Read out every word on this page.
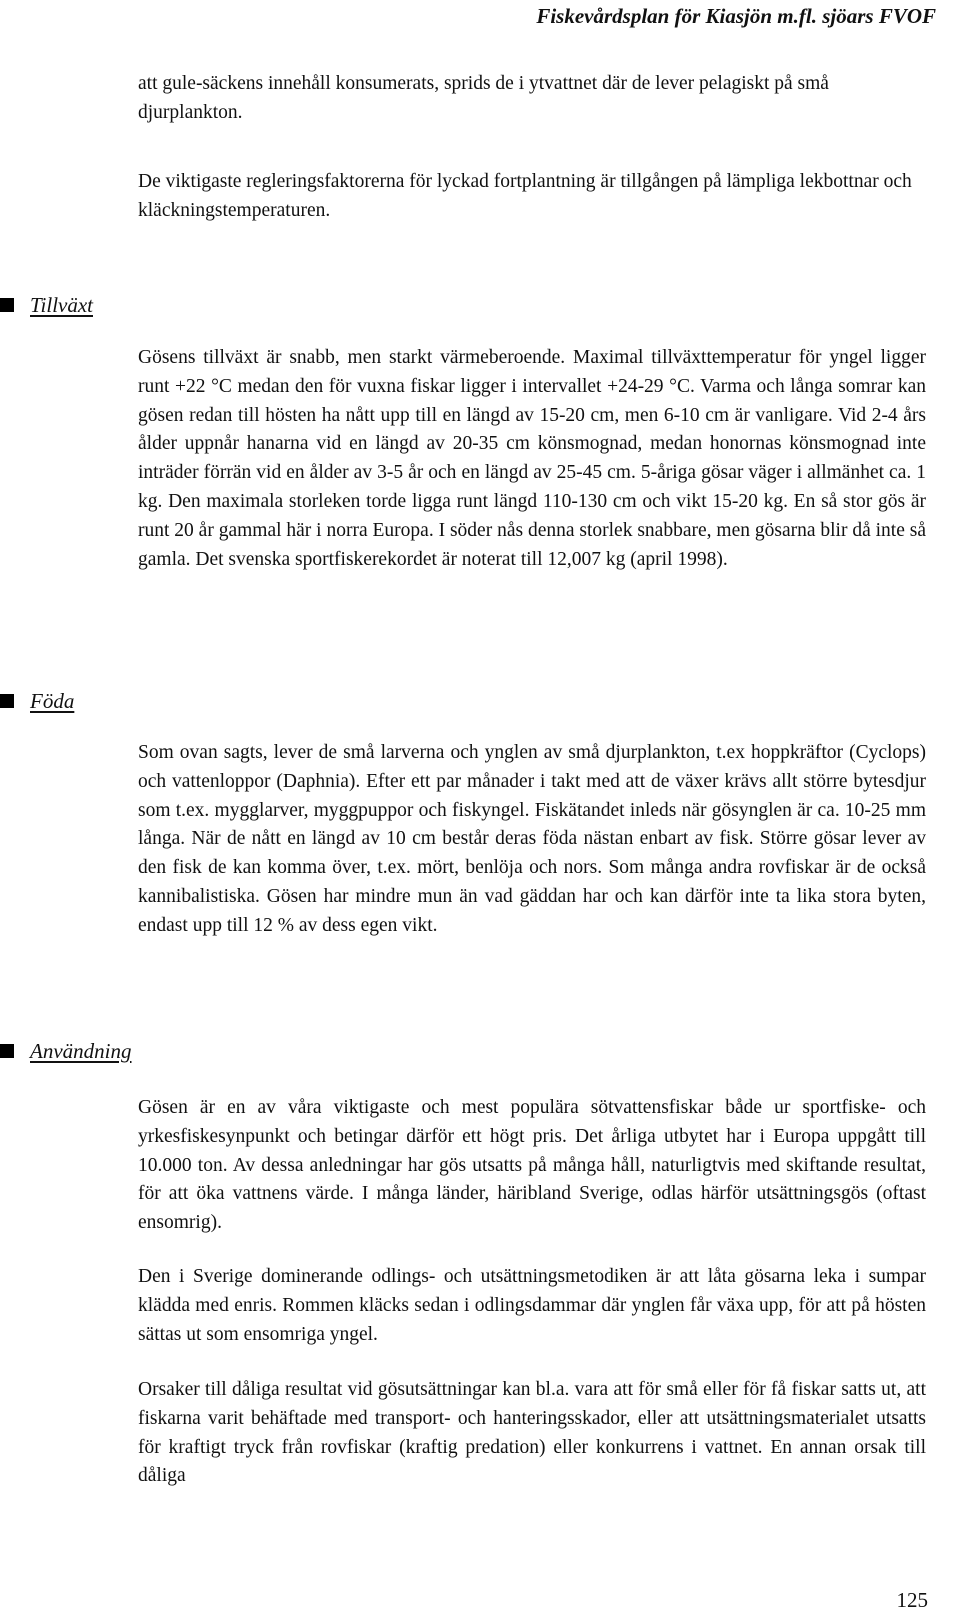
Fiskevårdsplan för Kiasjön m.fl. sjöars FVOF

att gule-säckens innehåll konsumerats, sprids de i ytvattnet där de lever pelagiskt på små djurplankton.

De viktigaste regleringsfaktorerna för lyckad fortplantning är tillgången på lämpliga lekbottnar och kläckningstemperaturen.

Tillväxt

Gösens tillväxt är snabb, men starkt värmeberoende. Maximal tillväxttemperatur för yngel ligger runt +22 °C medan den för vuxna fiskar ligger i intervallet +24-29 °C. Varma och långa somrar kan gösen redan till hösten ha nått upp till en längd av 15-20 cm, men 6-10 cm är vanligare. Vid 2-4 års ålder uppnår hanarna vid en längd av 20-35 cm könsmognad, medan honornas könsmognad inte inträder förrän vid en ålder av 3-5 år och en längd av 25-45 cm. 5-åriga gösar väger i allmänhet ca. 1 kg. Den maximala storleken torde ligga runt längd 110-130 cm och vikt 15-20 kg. En så stor gös är runt 20 år gammal här i norra Europa. I söder nås denna storlek snabbare, men gösarna blir då inte så gamla. Det svenska sportfiskerekordet är noterat till 12,007 kg (april 1998).

Föda

Som ovan sagts, lever de små larverna och ynglen av små djurplankton, t.ex hoppkräftor (Cyclops) och vattenloppor (Daphnia). Efter ett par månader i takt med att de växer krävs allt större bytesdjur som t.ex. mygglarver, myggpuppor och fiskyngel. Fiskätandet inleds när gösynglen är ca. 10-25 mm långa. När de nått en längd av 10 cm består deras föda nästan enbart av fisk. Större gösar lever av den fisk de kan komma över, t.ex. mört, benlöja och nors. Som många andra rovfiskar är de också kannibalistiska. Gösen har mindre mun än vad gäddan har och kan därför inte ta lika stora byten, endast upp till 12 % av dess egen vikt.

Användning

Gösen är en av våra viktigaste och mest populära sötvattensfiskar både ur sportfiske- och yrkesfiskesynpunkt och betingar därför ett högt pris. Det årliga utbytet har i Europa uppgått till 10.000 ton. Av dessa anledningar har gös utsatts på många håll, naturligtvis med skiftande resultat, för att öka vattnens värde. I många länder, häribland Sverige, odlas härför utsättningsgös (oftast ensomrig).

Den i Sverige dominerande odlings- och utsättningsmetodiken är att låta gösarna leka i sumpar klädda med enris. Rommen kläcks sedan i odlingsdammar där ynglen får växa upp, för att på hösten sättas ut som ensomriga yngel.

Orsaker till dåliga resultat vid gösutsättningar kan bl.a. vara att för små eller för få fiskar satts ut, att fiskarna varit behäftade med transport- och hanteringsskador, eller att utsättningsmaterialet utsatts för kraftigt tryck från rovfiskar (kraftig predation) eller konkurrens i vattnet. En annan orsak till dåliga

125
